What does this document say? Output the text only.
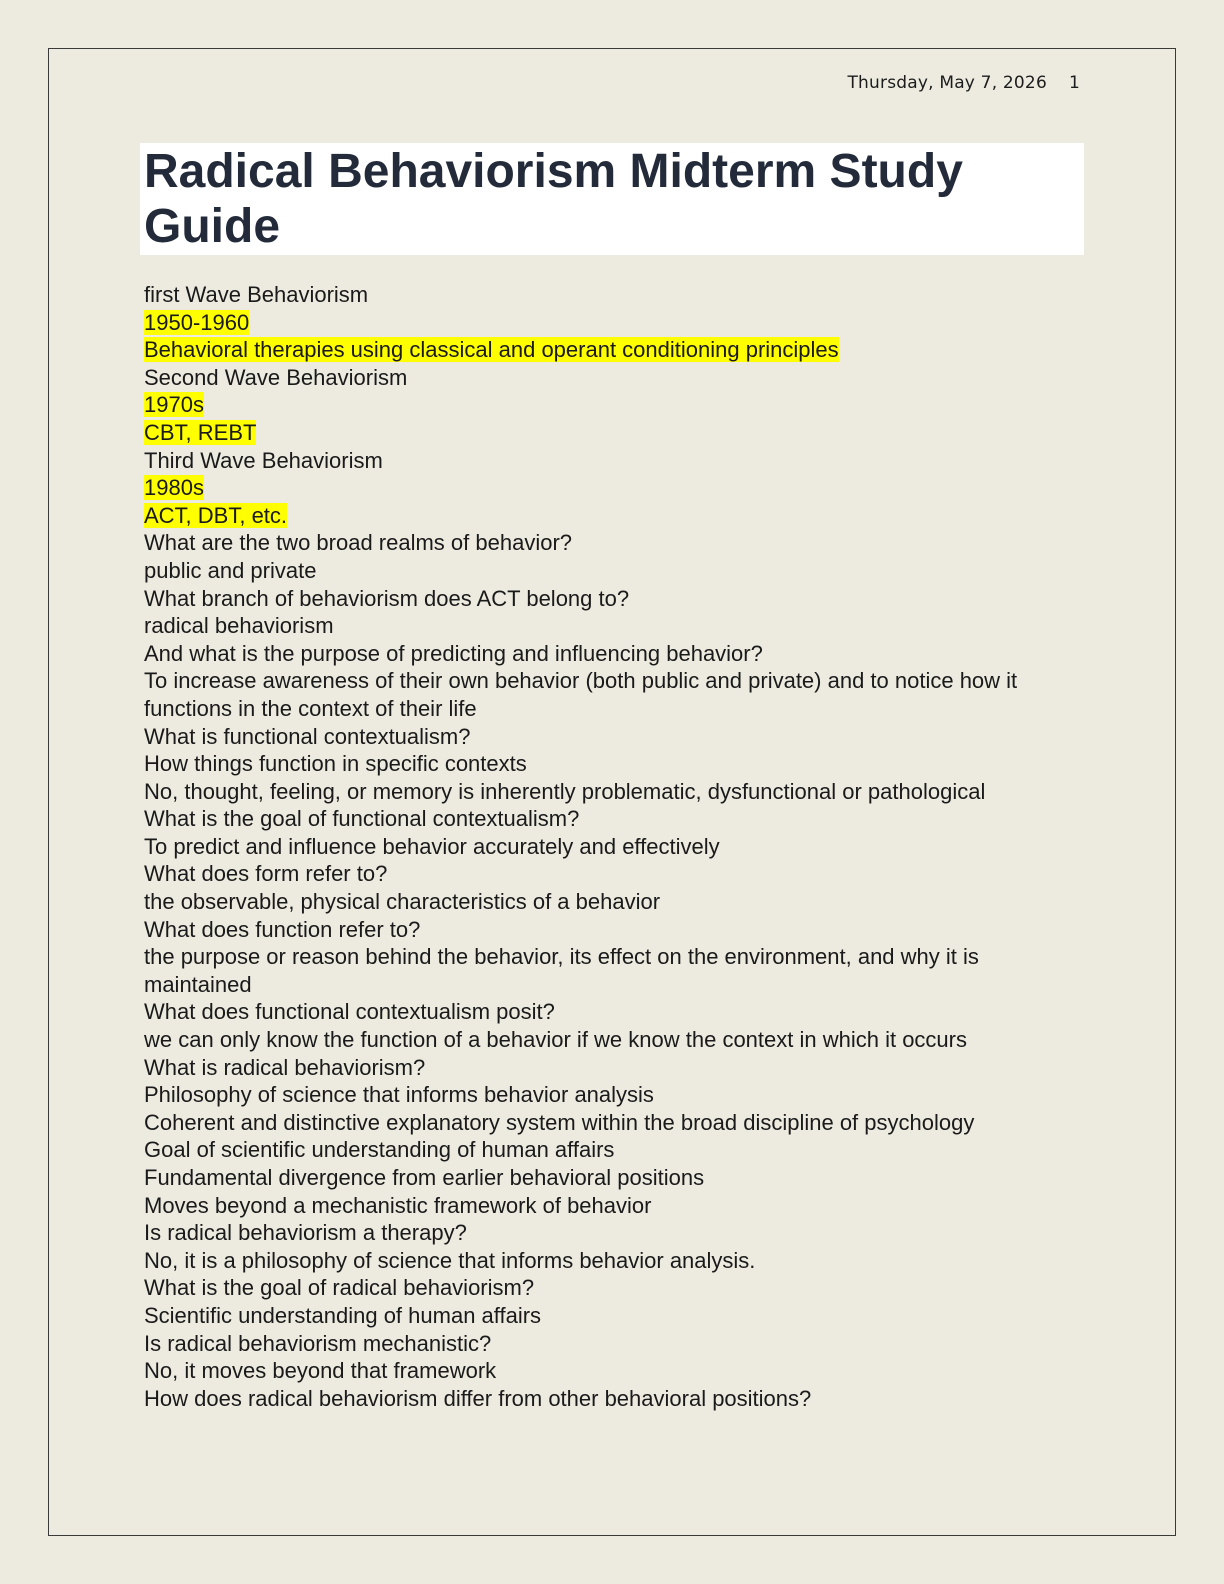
Thursday, May 7, 2026 1
Radical Behaviorism Midterm Study Guide
first Wave Behaviorism
1950-1960
Behavioral therapies using classical and operant conditioning principles
Second Wave Behaviorism
1970s
CBT, REBT
Third Wave Behaviorism
1980s
ACT, DBT, etc.
What are the two broad realms of behavior?
public and private
What branch of behaviorism does ACT belong to?
radical behaviorism
And what is the purpose of predicting and influencing behavior?
To increase awareness of their own behavior (both public and private) and to notice how it functions in the context of their life
What is functional contextualism?
How things function in specific contexts
No, thought, feeling, or memory is inherently problematic, dysfunctional or pathological
What is the goal of functional contextualism?
To predict and influence behavior accurately and effectively
What does form refer to?
the observable, physical characteristics of a behavior
What does function refer to?
the purpose or reason behind the behavior, its effect on the environment, and why it is maintained
What does functional contextualism posit?
we can only know the function of a behavior if we know the context in which it occurs
What is radical behaviorism?
Philosophy of science that informs behavior analysis
Coherent and distinctive explanatory system within the broad discipline of psychology
Goal of scientific understanding of human affairs
Fundamental divergence from earlier behavioral positions
Moves beyond a mechanistic framework of behavior
Is radical behaviorism a therapy?
No, it is a philosophy of science that informs behavior analysis.
What is the goal of radical behaviorism?
Scientific understanding of human affairs
Is radical behaviorism mechanistic?
No, it moves beyond that framework
How does radical behaviorism differ from other behavioral positions?
